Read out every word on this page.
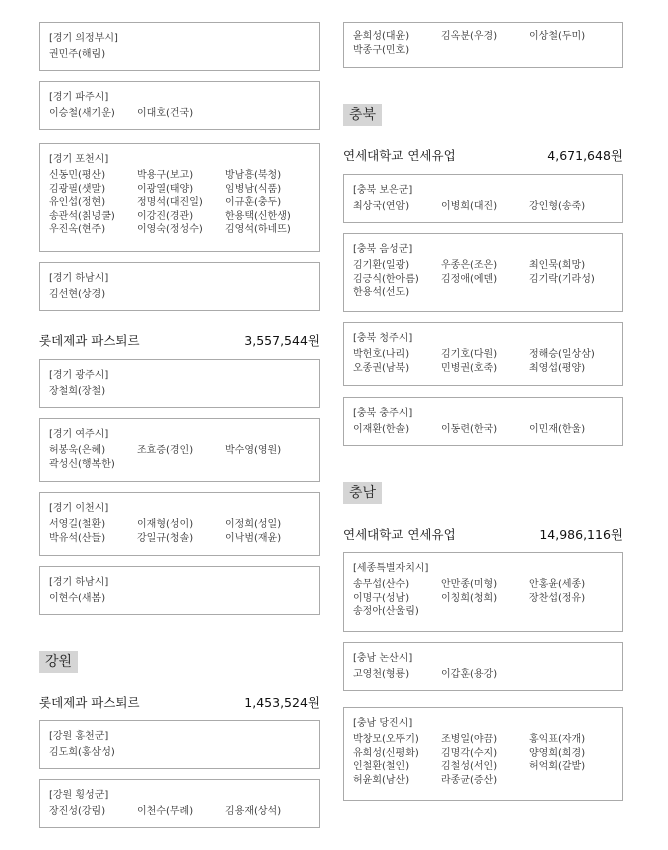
[경기 의정부시]
권민주(해림)
[경기 파주시]
이승철(새기운)	이대호(건국)
[경기 포천시]
신동민(평산)	박용구(보고)	방남흥(북청)
김광필(샛말)	이광열(태양)	임병남(식품)
유인섭(정현)	정명석(대진일)	이규훈(충두)
송관석(칡넝쿨)	이강진(경관)	한용택(신한생)
우진옥(현주)	이영숙(정성수)	김영석(하네뜨)
[경기 하남시]
김선현(상경)
롯데제과 파스퇴르	3,557,544원
[경기 광주시]
장철희(장철)
[경기 여주시]
허봉욱(은혜)	조효증(경인)	박수영(영원)
곽성신(행복한)
[경기 이천시]
서영길(철환)	이재형(성이)	이정희(성일)
박유석(산들)	강일규(청솔)	이낙범(재윤)
[경기 하남시]
이현수(새봄)
강원
롯데제과 파스퇴르	1,453,524원
[강원 홍천군]
김도희(홍삼성)
[강원 횡성군]
장진성(강림)	이천수(무례)	김용재(상석)
윤희성(대윤)	김옥분(우경)	이상철(두미)
박종구(민호)
충북
연세대학교 연세유업	4,671,648원
[충북 보은군]
최상국(연암)	이병희(대진)	강인형(송죽)
[충북 음성군]
김기환(일광)	우종은(조은)	최인묵(희망)
김긍식(한아름)	김정애(에덴)	김기락(기라성)
한용석(선도)
[충북 청주시]
박헌호(나리)	김기호(다원)	정해승(일상삼)
오종권(남북)	민병권(호죽)	최영섭(평양)
[충북 충주시]
이재환(한솔)	이동련(한국)	이민재(한울)
충남
연세대학교 연세유업	14,986,116원
[세종특별자치시]
송무섭(산수)	안만종(미형)	안홍윤(세종)
이명구(성남)	이칭희(청희)	장찬섭(정유)
송정아(산울림)
[충남 논산시]
고영천(형룡)	이갑훈(용강)
[충남 당진시]
박창모(오뚜기)	조병일(야끔)	홍익표(자개)
유희성(신평화)	김명각(수지)	양영희(희경)
인철환(철인)	김철성(서인)	허억회(갈밭)
허윤회(남산)	라종균(증산)
